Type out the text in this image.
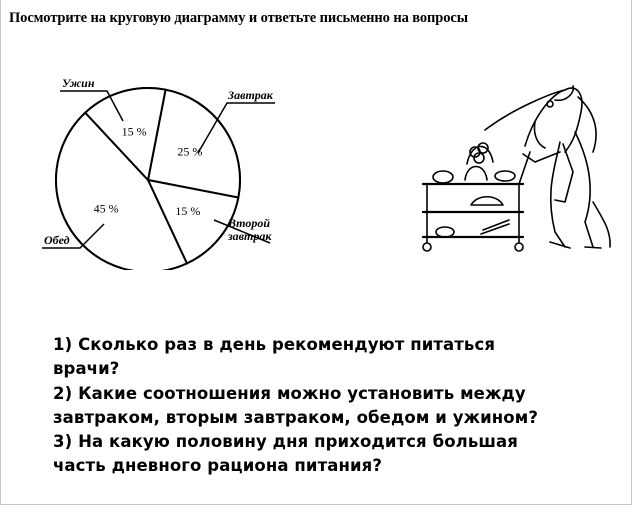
Посмотрите на круговую диаграмму и ответьте письменно на вопросы
25 %
15 %
45 %
15 %
Ужин
Завтрак
Второй
завтрак
Обед
1) Сколько раз в день рекомендуют питаться
врачи?
2) Какие соотношения можно установить между
завтраком, вторым завтраком, обедом и ужином?
3) На какую половину дня приходится большая
часть дневного рациона питания?
